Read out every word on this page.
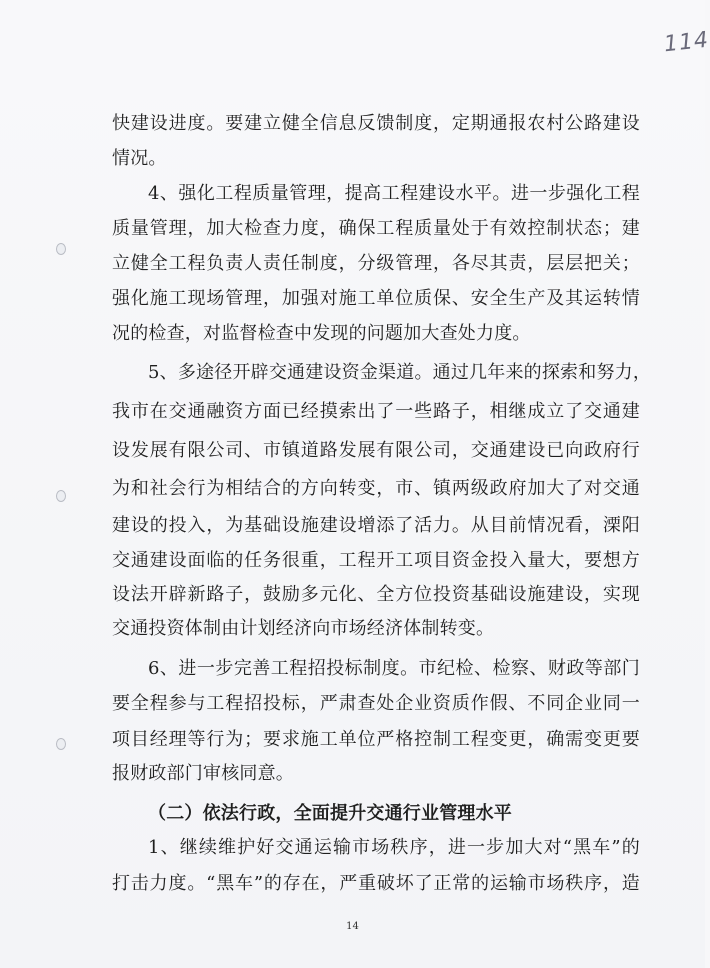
114
快建设进度。要建立健全信息反馈制度，定期通报农村公路建设
情况。
4、强化工程质量管理，提高工程建设水平。进一步强化工程
质量管理，加大检查力度，确保工程质量处于有效控制状态；建
立健全工程负责人责任制度，分级管理，各尽其责，层层把关；
强化施工现场管理，加强对施工单位质保、安全生产及其运转情
况的检查，对监督检查中发现的问题加大查处力度。
5、多途径开辟交通建设资金渠道。通过几年来的探索和努力，
我市在交通融资方面已经摸索出了一些路子，相继成立了交通建
设发展有限公司、市镇道路发展有限公司，交通建设已向政府行
为和社会行为相结合的方向转变，市、镇两级政府加大了对交通
建设的投入，为基础设施建设增添了活力。从目前情况看，溧阳
交通建设面临的任务很重，工程开工项目资金投入量大，要想方
设法开辟新路子，鼓励多元化、全方位投资基础设施建设，实现
交通投资体制由计划经济向市场经济体制转变。
6、进一步完善工程招投标制度。市纪检、检察、财政等部门
要全程参与工程招投标，严肃查处企业资质作假、不同企业同一
项目经理等行为；要求施工单位严格控制工程变更，确需变更要
报财政部门审核同意。
（二）依法行政，全面提升交通行业管理水平
1、继续维护好交通运输市场秩序，进一步加大对“黑车”的
打击力度。“黑车”的存在，严重破坏了正常的运输市场秩序，造
14
